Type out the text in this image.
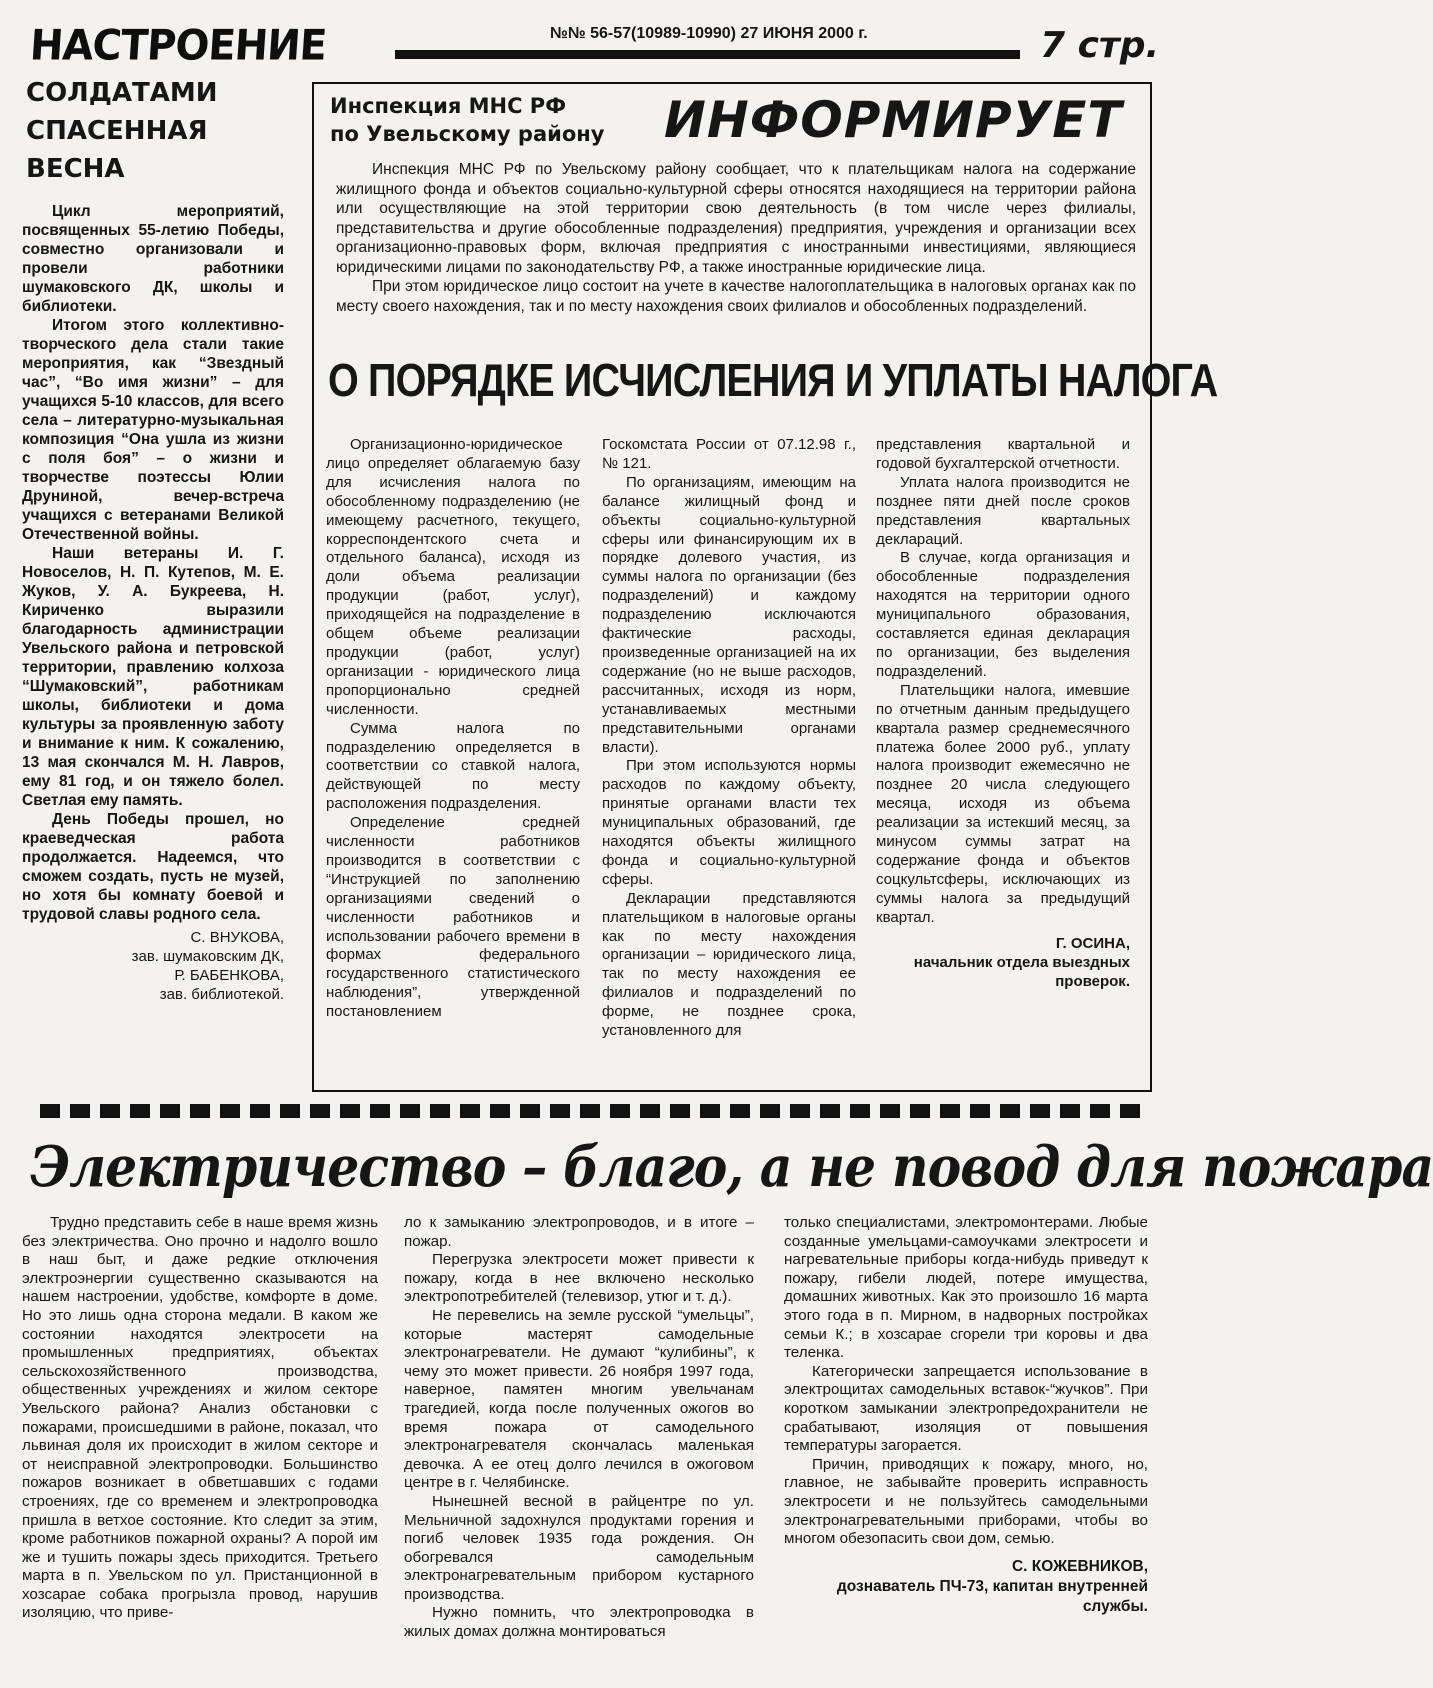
НАСТРОЕНИЕ	№№ 56-57(10989-10990) 27 ИЮНЯ 2000 г.	7 стр.
СОЛДАТАМИ
СПАСЕННАЯ
ВЕСНА

Цикл мероприятий, посвященных 55-летию Победы, совместно организовали и провели работники шумаковского ДК, школы и библиотеки.

Итогом этого коллективно-творческого дела стали такие мероприятия, как “Звездный час”, “Во имя жизни” – для учащихся 5-10 классов, для всего села – литературно-музыкальная композиция “Она ушла из жизни с поля боя” – о жизни и творчестве поэтессы Юлии Друниной, вечер-встреча учащихся с ветеранами Великой Отечественной войны.

Наши ветераны И. Г. Новоселов, Н. П. Кутепов, М. Е. Жуков, У. А. Букреева, Н. Кириченко выразили благодарность администрации Увельского района и петровской территории, правлению колхоза “Шумаковский”, работникам школы, библиотеки и дома культуры за проявленную заботу и внимание к ним. К сожалению, 13 мая скончался М. Н. Лавров, ему 81 год, и он тяжело болел. Светлая ему память.

День Победы прошел, но краеведческая работа продолжается. Надеемся, что сможем создать, пусть не музей, но хотя бы комнату боевой и трудовой славы родного села.

С. ВНУКОВА,

зав. шумаковским ДК,

Р. БАБЕНКОВА,

зав. библиотекой.

Инспекция МНС РФ
по Увельскому району	ИНФОРМИРУЕТ

Инспекция МНС РФ по Увельскому району сообщает, что к плательщикам налога на содержание жилищного фонда и объектов социально-культурной сферы относятся находящиеся на территории района или осуществляющие на этой территории свою деятельность (в том числе через филиалы, представительства и другие обособленные подразделения) предприятия, учреждения и организации всех организационно-правовых форм, включая предприятия с иностранными инвестициями, являющиеся юридическими лицами по законодательству РФ, а также иностранные юридические лица.

При этом юридическое лицо состоит на учете в качестве налогоплательщика в налоговых органах как по месту своего нахождения, так и по месту нахождения своих филиалов и обособленных подразделений.

О ПОРЯДКЕ ИСЧИСЛЕНИЯ И УПЛАТЫ НАЛОГА

Организационно-юридическое лицо определяет облагаемую базу для исчисления налога по обособленному подразделению (не имеющему расчетного, текущего, корреспондентского счета и отдельного баланса), исходя из доли объема реализации продукции (работ, услуг), приходящейся на подразделение в общем объеме реализации продукции (работ, услуг) организации - юридического лица пропорционально средней численности.

Сумма налога по подразделению определяется в соответствии со ставкой налога, действующей по месту расположения подразделения.

Определение средней численности работников производится в соответствии с “Инструкцией по заполнению организациями сведений о численности работников и использовании рабочего времени в формах федерального государственного статистического наблюдения”, утвержденной постановлением

Госкомстата России от 07.12.98 г., № 121.

По организациям, имеющим на балансе жилищный фонд и объекты социально-культурной сферы или финансирующим их в порядке долевого участия, из суммы налога по организации (без подразделений) и каждому подразделению исключаются фактические расходы, произведенные организацией на их содержание (но не выше расходов, рассчитанных, исходя из норм, устанавливаемых местными представительными органами власти).

При этом используются нормы расходов по каждому объекту, принятые органами власти тех муниципальных образований, где находятся объекты жилищного фонда и социально-культурной сферы.

Декларации представляются плательщиком в налоговые органы как по месту нахождения организации – юридического лица, так по месту нахождения ее филиалов и подразделений по форме, не позднее срока, установленного для

представления квартальной и годовой бухгалтерской отчетности.

Уплата налога производится не позднее пяти дней после сроков представления квартальных деклараций.

В случае, когда организация и обособленные подразделения находятся на территории одного муниципального образования, составляется единая декларация по организации, без выделения подразделений.

Плательщики налога, имевшие по отчетным данным предыдущего квартала размер среднемесячного платежа более 2000 руб., уплату налога производит ежемесячно не позднее 20 числа следующего месяца, исходя из объема реализации за истекший месяц, за минусом суммы затрат на содержание фонда и объектов соцкультсферы, исключающих из суммы налога за предыдущий квартал.

Г. ОСИНА,

начальник отдела выездных проверок.

Электричество – благо, а не повод для пожара

Трудно представить себе в наше время жизнь без электричества. Оно прочно и надолго вошло в наш быт, и даже редкие отключения электроэнергии существенно сказываются на нашем настроении, удобстве, комфорте в доме. Но это лишь одна сторона медали. В каком же состоянии находятся электросети на промышленных предприятиях, объектах сельскохозяйственного производства, общественных учреждениях и жилом секторе Увельского района? Анализ обстановки с пожарами, происшедшими в районе, показал, что львиная доля их происходит в жилом секторе и от неисправной электропроводки. Большинство пожаров возникает в обветшавших с годами строениях, где со временем и электропроводка пришла в ветхое состояние. Кто следит за этим, кроме работников пожарной охраны? А порой им же и тушить пожары здесь приходится. Третьего марта в п. Увельском по ул. Пристанционной в хозсарае собака прогрызла провод, нарушив изоляцию, что приве-

ло к замыканию электропроводов, и в итоге – пожар.

Перегрузка электросети может привести к пожару, когда в нее включено несколько электропотребителей (телевизор, утюг и т. д.).

Не перевелись на земле русской “умельцы”, которые мастерят самодельные электронагреватели. Не думают “кулибины”, к чему это может привести. 26 ноября 1997 года, наверное, памятен многим увельчанам трагедией, когда после полученных ожогов во время пожара от самодельного электронагревателя скончалась маленькая девочка. А ее отец долго лечился в ожоговом центре в г. Челябинске.

Нынешней весной в райцентре по ул. Мельничной задохнулся продуктами горения и погиб человек 1935 года рождения. Он обогревался самодельным электронагревательным прибором кустарного производства.

Нужно помнить, что электропроводка в жилых домах должна монтироваться

только специалистами, электромонтерами. Любые созданные умельцами-самоучками электросети и нагревательные приборы когда-нибудь приведут к пожару, гибели людей, потере имущества, домашних животных. Как это произошло 16 марта этого года в п. Мирном, в надворных постройках семьи К.; в хозсарае сгорели три коровы и два теленка.

Категорически запрещается использование в электрощитах самодельных вставок-“жучков”. При коротком замыкании электропредохранители не срабатывают, изоляция от повышения температуры загорается.

Причин, приводящих к пожару, много, но, главное, не забывайте проверить исправность электросети и не пользуйтесь самодельными электронагревательными приборами, чтобы во многом обезопасить свои дом, семью.

С. КОЖЕВНИКОВ,

дознаватель ПЧ-73, капитан внутренней службы.
